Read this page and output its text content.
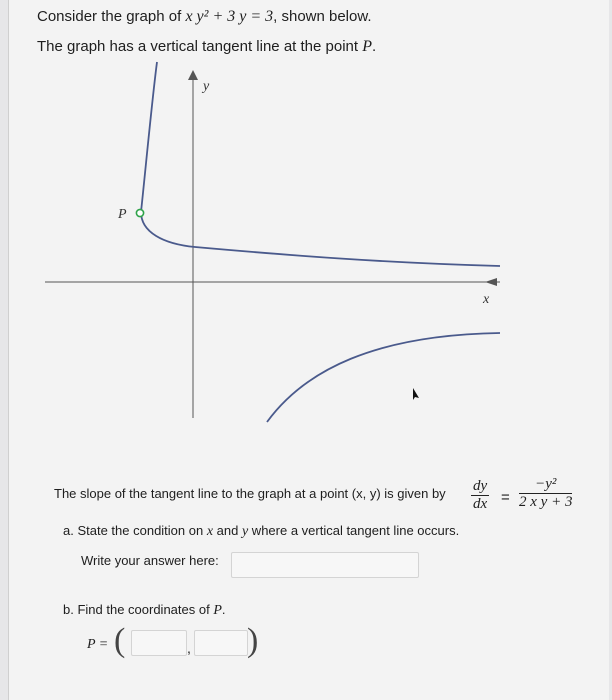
Consider the graph of x y² + 3 y = 3, shown below.
The graph has a vertical tangent line at the point P.
y
x
P
The slope of the tangent line to the graph at a point (x, y) is given by $\frac{dy}{dx} = \frac{\text{−y²}}{\text{2 x y + 3}}$
a. State the condition on x and y where a vertical tangent line occurs.
Write your answer here:
b. Find the coordinates of P.
P = (	, )
